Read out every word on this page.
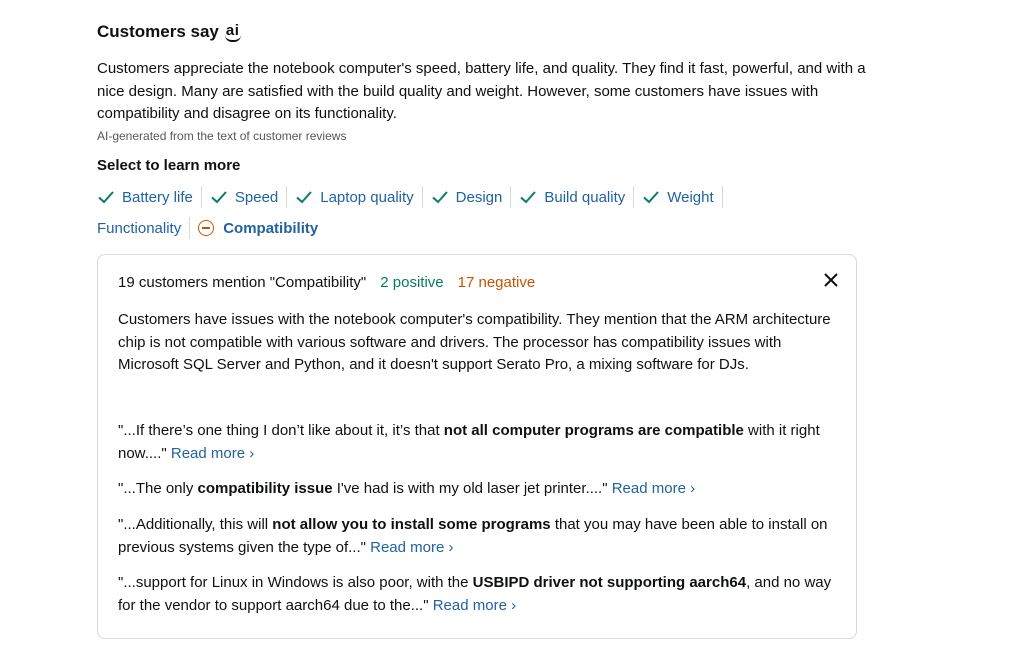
Customers say ai
Customers appreciate the notebook computer's speed, battery life, and quality. They find it fast, powerful, and with a nice design. Many are satisfied with the build quality and weight. However, some customers have issues with compatibility and disagree on its functionality.
AI-generated from the text of customer reviews
Select to learn more
Battery life	Speed	Laptop quality	Design	Build quality	Weight
Functionality	Compatibility
19 customers mention "Compatibility" 2 positive 17 negative
Customers have issues with the notebook computer's compatibility. They mention that the ARM architecture chip is not compatible with various software and drivers. The processor has compatibility issues with Microsoft SQL Server and Python, and it doesn't support Serato Pro, a mixing software for DJs.
"...If there’s one thing I don’t like about it, it’s that not all computer programs are compatible with it right now...." Read more ›
"...The only compatibility issue I've had is with my old laser jet printer...." Read more ›
"...Additionally, this will not allow you to install some programs that you may have been able to install on previous systems given the type of..." Read more ›
"...support for Linux in Windows is also poor, with the USBIPD driver not supporting aarch64, and no way for the vendor to support aarch64 due to the..." Read more ›
